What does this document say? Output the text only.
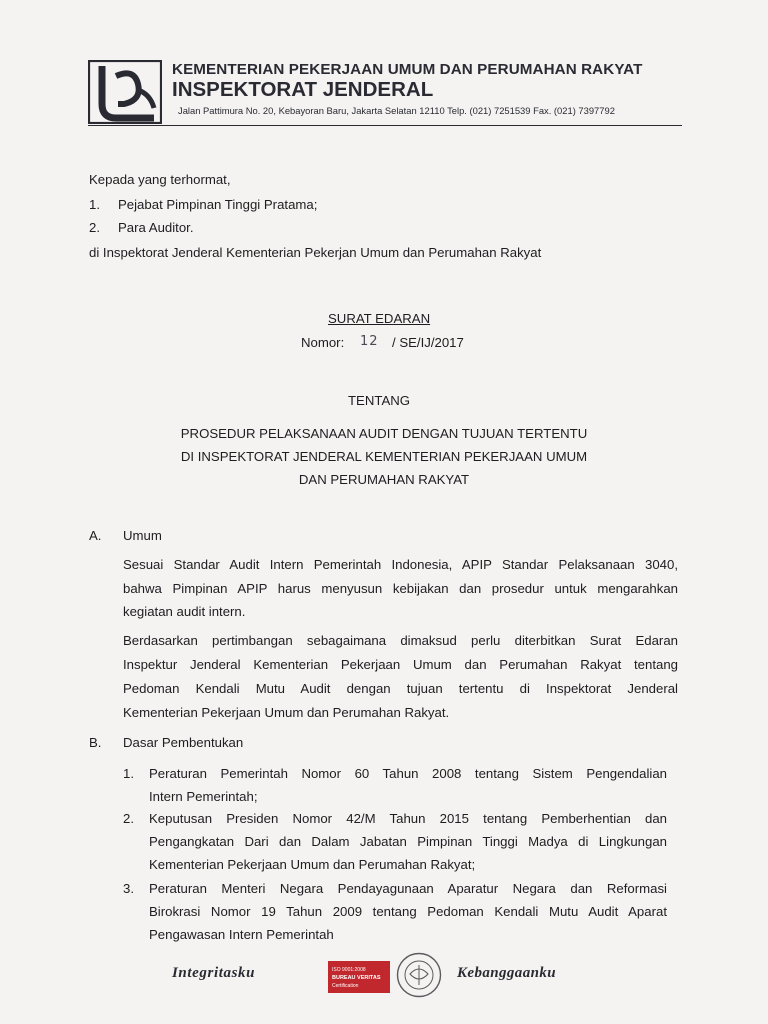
KEMENTERIAN PEKERJAAN UMUM DAN PERUMAHAN RAKYAT
INSPEKTORAT JENDERAL
Jalan Pattimura No. 20, Kebayoran Baru, Jakarta Selatan 12110 Telp. (021) 7251539 Fax. (021) 7397792
Kepada yang terhormat,
1. Pejabat Pimpinan Tinggi Pratama;
2. Para Auditor.
di Inspektorat Jenderal Kementerian Pekerjan Umum dan Perumahan Rakyat
SURAT EDARAN
Nomor: 12 / SE/IJ/2017
TENTANG
PROSEDUR PELAKSANAAN AUDIT DENGAN TUJUAN TERTENTU
DI INSPEKTORAT JENDERAL KEMENTERIAN PEKERJAAN UMUM
DAN PERUMAHAN RAKYAT
A. Umum
Sesuai Standar Audit Intern Pemerintah Indonesia, APIP Standar Pelaksanaan 3040,
bahwa Pimpinan APIP harus menyusun kebijakan dan prosedur untuk mengarahkan
kegiatan audit intern.
Berdasarkan pertimbangan sebagaimana dimaksud perlu diterbitkan Surat Edaran
Inspektur Jenderal Kementerian Pekerjaan Umum dan Perumahan Rakyat tentang
Pedoman Kendali Mutu Audit dengan tujuan tertentu di Inspektorat Jenderal
Kementerian Pekerjaan Umum dan Perumahan Rakyat.
B. Dasar Pembentukan
1. Peraturan Pemerintah Nomor 60 Tahun 2008 tentang Sistem Pengendalian
Intern Pemerintah;
2. Keputusan Presiden Nomor 42/M Tahun 2015 tentang Pemberhentian dan
Pengangkatan Dari dan Dalam Jabatan Pimpinan Tinggi Madya di Lingkungan
Kementerian Pekerjaan Umum dan Perumahan Rakyat;
3. Peraturan Menteri Negara Pendayagunaan Aparatur Negara dan Reformasi
Birokrasi Nomor 19 Tahun 2009 tentang Pedoman Kendali Mutu Audit Aparat
Pengawasan Intern Pemerintah
Integritasku	ISO 9001:2008
BUREAU VERITAS
Certification
Kebanggaanku
